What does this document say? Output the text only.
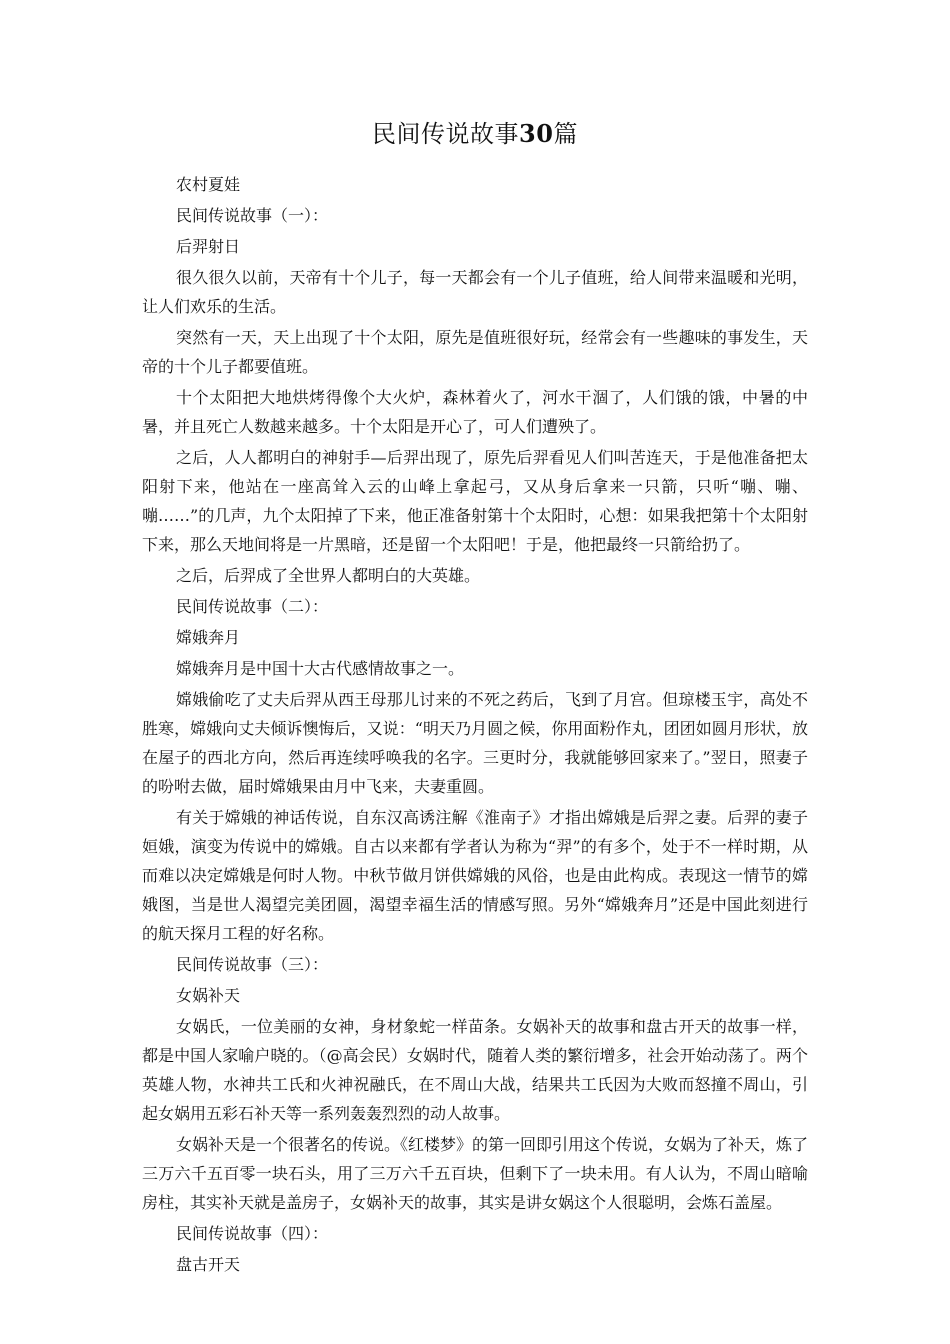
民间传说故事30篇

农村夏娃

民间传说故事（一）：

后羿射日

很久很久以前，天帝有十个儿子，每一天都会有一个儿子值班，给人间带来温暖和光明，让人们欢乐的生活。

突然有一天，天上出现了十个太阳，原先是值班很好玩，经常会有一些趣味的事发生，天帝的十个儿子都要值班。

十个太阳把大地烘烤得像个大火炉，森林着火了，河水干涸了，人们饿的饿，中暑的中暑，并且死亡人数越来越多。十个太阳是开心了，可人们遭殃了。

之后，人人都明白的神射手—后羿出现了，原先后羿看见人们叫苦连天，于是他准备把太阳射下来，他站在一座高耸入云的山峰上拿起弓，又从身后拿来一只箭，只听“嘣、嘣、嘣……”的几声，九个太阳掉了下来，他正准备射第十个太阳时，心想：如果我把第十个太阳射下来，那么天地间将是一片黑暗，还是留一个太阳吧！于是，他把最终一只箭给扔了。

之后，后羿成了全世界人都明白的大英雄。

民间传说故事（二）：

嫦娥奔月

嫦娥奔月是中国十大古代感情故事之一。

嫦娥偷吃了丈夫后羿从西王母那儿讨来的不死之药后，飞到了月宫。但琼楼玉宇，高处不胜寒，嫦娥向丈夫倾诉懊悔后，又说：“明天乃月圆之候，你用面粉作丸，团团如圆月形状，放在屋子的西北方向，然后再连续呼唤我的名字。三更时分，我就能够回家来了。”翌日，照妻子的吩咐去做，届时嫦娥果由月中飞来，夫妻重圆。

有关于嫦娥的神话传说，自东汉高诱注解《淮南子》才指出嫦娥是后羿之妻。后羿的妻子姮娥，演变为传说中的嫦娥。自古以来都有学者认为称为“羿”的有多个，处于不一样时期，从而难以决定嫦娥是何时人物。中秋节做月饼供嫦娥的风俗，也是由此构成。表现这一情节的嫦娥图，当是世人渴望完美团圆，渴望幸福生活的情感写照。另外“嫦娥奔月”还是中国此刻进行的航天探月工程的好名称。

民间传说故事（三）：

女娲补天

女娲氏，一位美丽的女神，身材象蛇一样苗条。女娲补天的故事和盘古开天的故事一样，都是中国人家喻户晓的。（@高会民）女娲时代，随着人类的繁衍增多，社会开始动荡了。两个英雄人物，水神共工氏和火神祝融氏，在不周山大战，结果共工氏因为大败而怒撞不周山，引起女娲用五彩石补天等一系列轰轰烈烈的动人故事。

女娲补天是一个很著名的传说。《红楼梦》的第一回即引用这个传说，女娲为了补天，炼了三万六千五百零一块石头，用了三万六千五百块，但剩下了一块未用。有人认为，不周山暗喻房柱，其实补天就是盖房子，女娲补天的故事，其实是讲女娲这个人很聪明，会炼石盖屋。

民间传说故事（四）：

盘古开天
